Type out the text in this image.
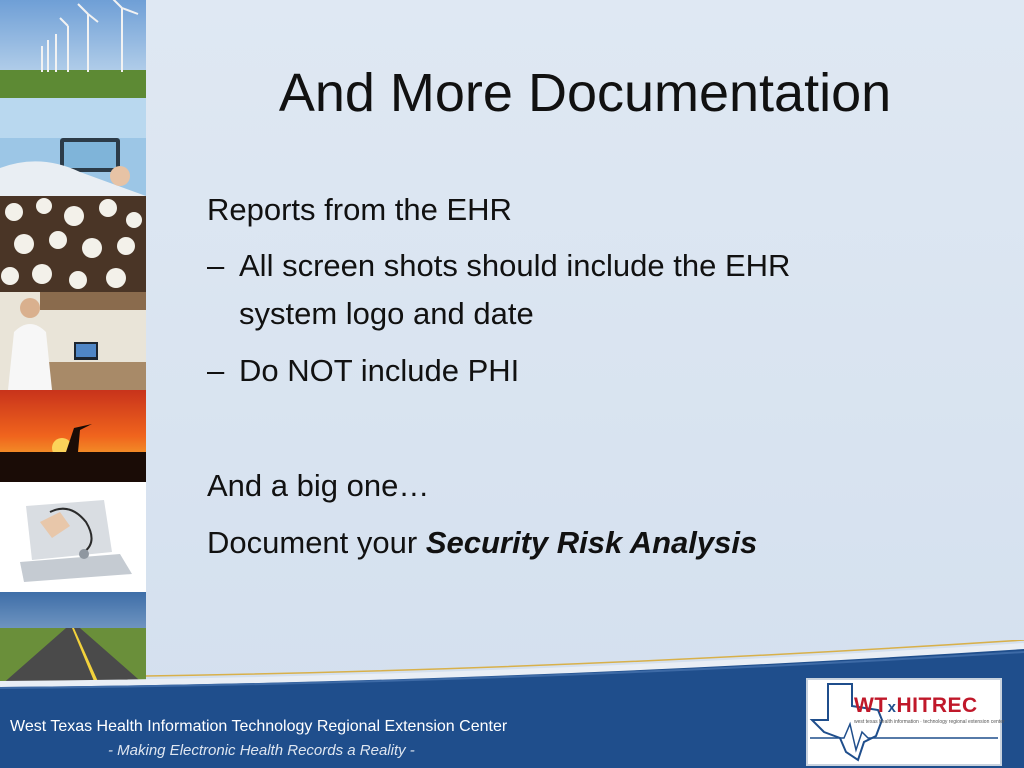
And More Documentation
Reports from the EHR
– All screen shots should include the EHR
system logo and date
– Do NOT include PHI
And a big one…
Document your Security Risk Analysis
West Texas Health Information Technology Regional Extension Center
- Making Electronic Health Records a Reality -
WTxHITREC
west texas health information · technology regional extension center
